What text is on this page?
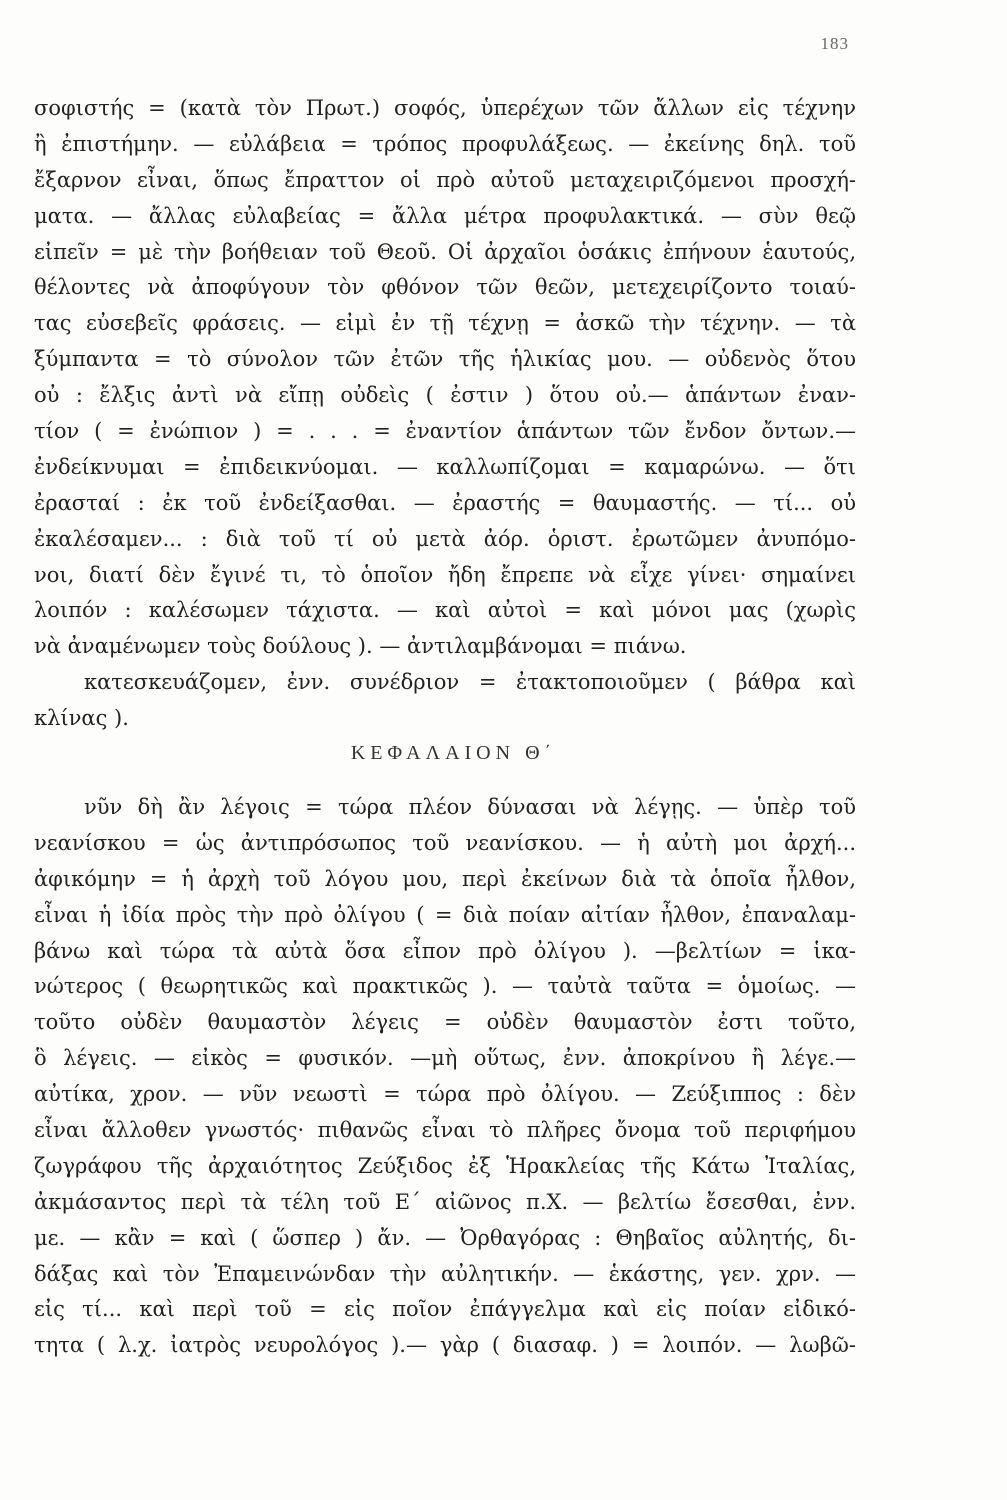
183
σοφιστής = (κατὰ τὸν Πρωτ.) σοφός, ὑπερέχων τῶν ἄλλων εἰς τέχνην
ἢ ἐπιστήμην. — εὐλάβεια = τρόπος προφυλάξεως. — ἐκείνης δηλ. τοῦ
ἔξαρνον εἶναι, ὅπως ἔπραττον οἱ πρὸ αὐτοῦ μεταχειριζόμενοι προσχή-
ματα. — ἄλλας εὐλαβείας = ἄλλα μέτρα προφυλακτικά. — σὺν θεῷ
εἰπεῖν = μὲ τὴν βοήθειαν τοῦ Θεοῦ. Οἱ ἀρχαῖοι ὁσάκις ἐπήνουν ἑαυτούς,
θέλοντες νὰ ἀποφύγουν τὸν φθόνον τῶν θεῶν, μετεχειρίζοντο τοιαύ-
τας εὐσεβεῖς φράσεις. — εἰμὶ ἐν τῇ τέχνῃ = ἀσκῶ τὴν τέχνην. — τὰ
ξύμπαντα = τὸ σύνολον τῶν ἐτῶν τῆς ἡλικίας μου. — οὐδενὸς ὅτου
οὐ : ἔλξις ἀντὶ νὰ εἴπῃ οὐδεὶς ( ἐστιν ) ὅτου οὐ.— ἁπάντων ἐναν-
τίον ( = ἐνώπιον ) = . . . = ἐναντίον ἁπάντων τῶν ἔνδον ὄντων.—
ἐνδείκνυμαι = ἐπιδεικνύομαι. — καλλωπίζομαι = καμαρώνω. — ὅτι
ἐρασταί : ἐκ τοῦ ἐνδείξασθαι. — ἐραστής = θαυμαστής. — τί... οὐ
ἐκαλέσαμεν... : διὰ τοῦ τί οὐ μετὰ ἀόρ. ὁριστ. ἐρωτῶμεν ἀνυπόμο-
νοι, διατί δὲν ἔγινέ τι, τὸ ὁποῖον ἤδη ἔπρεπε νὰ εἶχε γίνει· σημαίνει
λοιπόν : καλέσωμεν τάχιστα. — καὶ αὐτοὶ = καὶ μόνοι μας (χωρὶς
νὰ ἀναμένωμεν τοὺς δούλους ). — ἀντιλαμβάνομαι = πιάνω.
κατεσκευάζομεν, ἐνν. συνέδριον = ἐτακτοποιοῦμεν ( βάθρα καὶ
κλίνας ).
ΚΕΦΑΛΑΙΟΝ Θ΄
νῦν δὴ ἂν λέγοις = τώρα πλέον δύνασαι νὰ λέγῃς. — ὑπὲρ τοῦ
νεανίσκου = ὡς ἀντιπρόσωπος τοῦ νεανίσκου. — ἡ αὐτὴ μοι ἀρχή...
ἀφικόμην = ἡ ἀρχὴ τοῦ λόγου μου, περὶ ἐκείνων διὰ τὰ ὁποῖα ἦλθον,
εἶναι ἡ ἰδία πρὸς τὴν πρὸ ὀλίγου ( = διὰ ποίαν αἰτίαν ἦλθον, ἐπαναλαμ-
βάνω καὶ τώρα τὰ αὐτὰ ὅσα εἶπον πρὸ ὀλίγου ). —βελτίων = ἱκα-
νώτερος ( θεωρητικῶς καὶ πρακτικῶς ). — ταὐτὰ ταῦτα = ὁμοίως. —
τοῦτο οὐδὲν θαυμαστὸν λέγεις = οὐδὲν θαυμαστὸν ἐστι τοῦτο,
ὃ λέγεις. — εἰκὸς = φυσικόν. —μὴ οὕτως, ἐνν. ἀποκρίνου ἢ λέγε.—
αὐτίκα, χρον. — νῦν νεωστὶ = τώρα πρὸ ὀλίγου. — Ζεύξιππος : δὲν
εἶναι ἄλλοθεν γνωστός· πιθανῶς εἶναι τὸ πλῆρες ὄνομα τοῦ περιφήμου
ζωγράφου τῆς ἀρχαιότητος Ζεύξιδος ἐξ Ἡρακλείας τῆς Κάτω Ἰταλίας,
ἀκμάσαντος περὶ τὰ τέλη τοῦ Ε΄ αἰῶνος π.Χ. — βελτίω ἔσεσθαι, ἐνν.
με. — κἂν = καὶ ( ὥσπερ ) ἄν. — Ὀρθαγόρας : Θηβαῖος αὐλητής, δι-
δάξας καὶ τὸν Ἐπαμεινώνδαν τὴν αὐλητικήν. — ἑκάστης, γεν. χρν. —
εἰς τί... καὶ περὶ τοῦ = εἰς ποῖον ἐπάγγελμα καὶ εἰς ποίαν εἰδικό-
τητα ( λ.χ. ἰατρὸς νευρολόγος ).— γὰρ ( διασαφ. ) = λοιπόν. — λωβῶ-
